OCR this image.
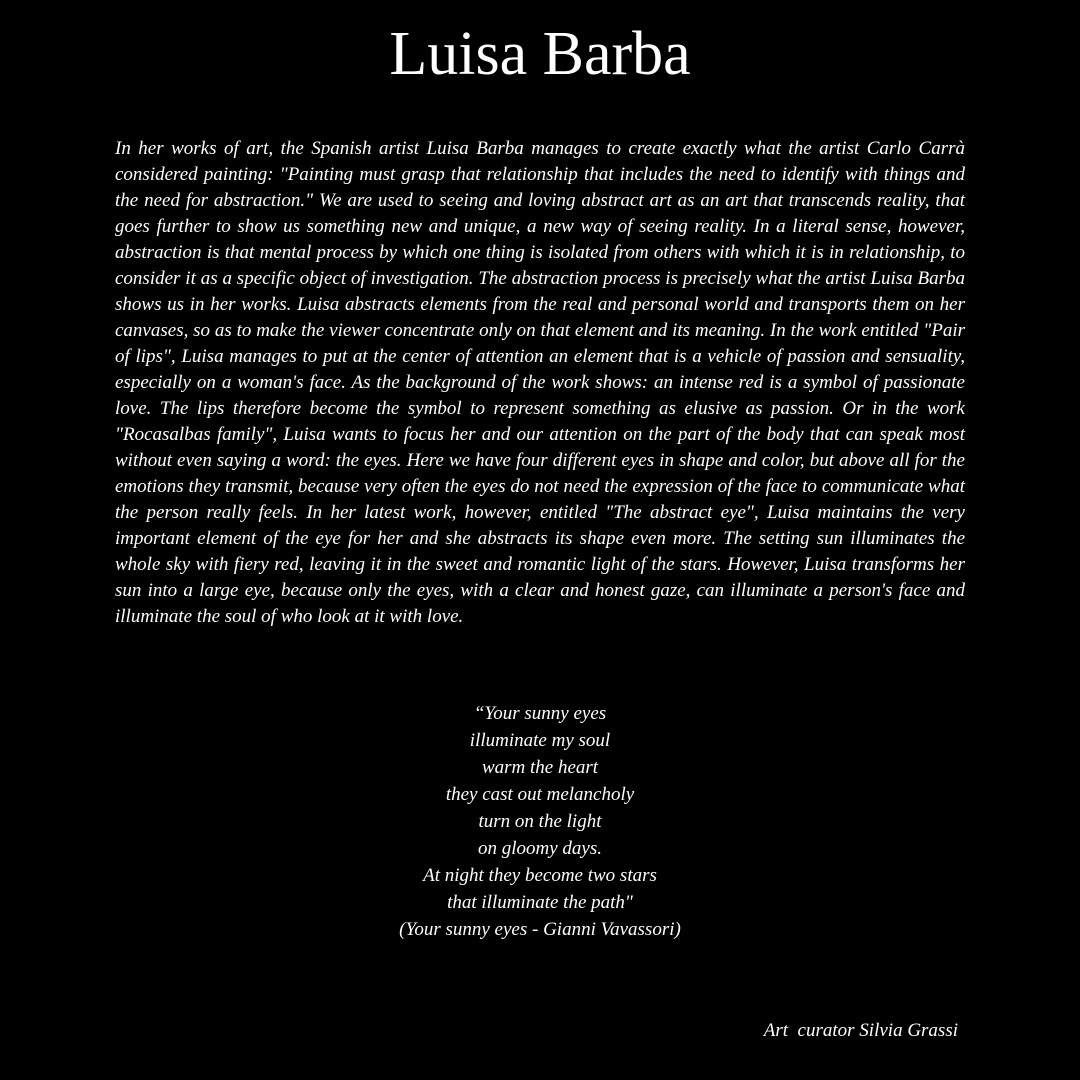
Luisa Barba

In her works of art, the Spanish artist Luisa Barba manages to create exactly what the artist Carlo Carrà considered painting: "Painting must grasp that relationship that includes the need to identify with things and the need for abstraction." We are used to seeing and loving abstract art as an art that transcends reality, that goes further to show us something new and unique, a new way of seeing reality. In a literal sense, however, abstraction is that mental process by which one thing is isolated from others with which it is in relationship, to consider it as a specific object of investigation. The abstraction process is precisely what the artist Luisa Barba shows us in her works. Luisa abstracts elements from the real and personal world and transports them on her canvases, so as to make the viewer concentrate only on that element and its meaning. In the work entitled "Pair of lips", Luisa manages to put at the center of attention an element that is a vehicle of passion and sensuality, especially on a woman's face. As the background of the work shows: an intense red is a symbol of passionate love. The lips therefore become the symbol to represent something as elusive as passion. Or in the work "Rocasalbas family", Luisa wants to focus her and our attention on the part of the body that can speak most without even saying a word: the eyes. Here we have four different eyes in shape and color, but above all for the emotions they transmit, because very often the eyes do not need the expression of the face to communicate what the person really feels. In her latest work, however, entitled "The abstract eye", Luisa maintains the very important element of the eye for her and she abstracts its shape even more. The setting sun illuminates the whole sky with fiery red, leaving it in the sweet and romantic light of the stars. However, Luisa transforms her sun into a large eye, because only the eyes, with a clear and honest gaze, can illuminate a person's face and illuminate the soul of who look at it with love.

“Your sunny eyes
illuminate my soul
warm the heart
they cast out melancholy
turn on the light
on gloomy days.
At night they become two stars
that illuminate the path"
(Your sunny eyes - Gianni Vavassori)
Art  curator Silvia Grassi
